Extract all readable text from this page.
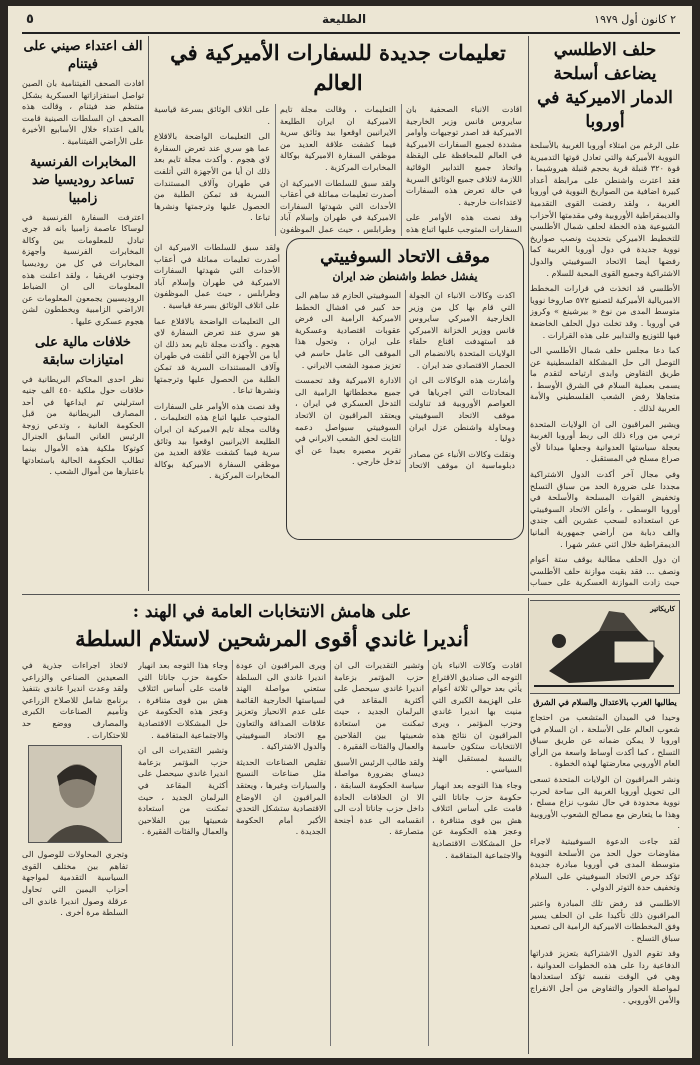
٢ كانون أول ١٩٧٩
الطليعة
٥
حلف الاطلسي يضاعف أسلحة الدمار الاميركية في أوروبا

على الرغم من امتلاء أوروبا الغربية بالأسلحة النووية الأميركية والتي تعادل قوتها التدميرية قوة ٣٢٠ قنبلة قرية بحجم قنبلة هيروشيما ، فقد اعترت واشنطن على مرابطة أعداد كبيرة اضافية من الصواريخ النووية في أوروبا الغربية ، ولقد رفضت القوى التقدمية والديمقراطية الأوروبية وفي مقدمتها الأحزاب الشيوعية هذه الخطة لحلف شمال الأطلسي للتخطيط الاميركي بتحديث ونصب صواريخ نووية جديدة في دول أوروبا الغربية كما رفضها أيضا الاتحاد السوفييتي والدول الاشتراكية وجميع القوى المحبة للسلام .

الأطلسي قد اتخذت في قرارات المخطط الامبريالية الأميركية لتصنيع ٥٧٢ صاروخا نوويا متوسط المدى من نوع « بيرشينغ » وكروز في أوروبا . وقد تخلت دول الحلف الخاضعة فيها للتوزيع والتدابير على هذه القرارات .

كما دعا مجلس حلف شمال الأطلسي الى التوصل الى حل المشكلة الفلسطينية عن طريق التفاوض وابدى ارتياحه لتقدم ما يسمى بعملية السلام في الشرق الأوسط ، متجاهلا رفض الشعب الفلسطيني والأمة العربية لذلك .

ويشير المراقبون الى ان الولايات المتحدة ترمي من وراء ذلك الى ربط أوروبا الغربية بعجلة سياستها العدوانية وجعلها ميدانا لأي صراع مسلح في المستقبل .

وفي مجال آخر أكدت الدول الاشتراكية مجددا على ضرورة الحد من سباق التسلح وتخفيض القوات المسلحة والأسلحة في أوروبا الوسطى ، وأعلن الاتحاد السوفييتي عن استعداده لسحب عشرين ألف جندي والف دبابة من أراضي جمهورية ألمانيا الديمقراطية خلال اثني عشر شهرا .

ان دول الحلف مطالبة بوقف ستة أعوام ونصف ... فقد بقيت موازنة حلف الأطلسي حيث زادت الموازنة العسكرية على حساب

تعليمات جديدة للسفارات الأميركية في العالم

اقادت الانباء الصحفية بان سايروس فانس وزير الخارجية الاميركية قد اصدر توجيهات وأوامر مشددة لجميع السفارات الاميركية في العالم للمحافظة على اليقظة واتخاذ جميع التدابير الوقائية اللازمة لاتلاف جميع الوثائق السرية في حالة تعرض هذه السفارات لاعتداءات خارجية .

وقد نصت هذه الأوامر على السفارات المتوجب عليها اتباع هذه التعليمات ، وقالت مجلة تايم الاميركية ان ايران الطليعة الايرانيين اوقعوا بيد وثائق سرية فيما كشفت علاقة العديد من موظفي السفارة الاميركية بوكالة المخابرات المركزية .

ولقد سبق للسلطات الاميركية ان أصدرت تعليمات مماثلة في أعقاب الأحداث التي شهدتها السفارات الاميركية في طهران وإسلام آباد وطرابلس ، حيث عمل الموظفون على اتلاف الوثائق بسرعة قياسية .

الى التعليمات الواضحة بالاقلاع عما هو سري عند تعرض السفارة لاي هجوم . وأكدت مجلة تايم بعد ذلك ان أيا من الأجهزة التي أتلفت في طهران وآلاف المستندات السرية قد تمكن الطلبة من الحصول عليها وترجمتها ونشرها تباعا .

موقف الاتحاد السوفييتي
يفشل خطط واشنطن ضد ايران

اكدت وكالات الانباء ان الجولة التي قام بها كل من وزير الخارجية الاميركي سايروس فانس ووزير الخزانة الاميركي قد استهدفت اقناع حلفاء الولايات المتحدة بالانضمام الى الحصار الاقتصادي ضد ايران .

وأشارت هذه الوكالات الى ان المحادثات التي اجرياها في العواصم الأوروبية قد تناولت موقف الاتحاد السوفييتي ومحاولة واشنطن عزل ايران دوليا .

ونقلت وكالات الأنباء عن مصادر دبلوماسية ان موقف الاتحاد السوفييتي الحازم قد ساهم الى حد كبير في افشال الخطط الاميركية الرامية الى فرض عقوبات اقتصادية وعسكرية على ايران ، وتحول هذا الموقف الى عامل حاسم في تعزيز صمود الشعب الايراني .

الادارة الاميركية وقد تحمست جميع مخططاتها الرامية الى التدخل العسكري في ايران ، ويعتقد المراقبون ان الاتحاد السوفييتي سيواصل دعمه الثابت لحق الشعب الايراني في تقرير مصيره بعيدا عن أي تدخل خارجي .

ولقد سبق للسلطات الاميركية ان أصدرت تعليمات مماثلة في أعقاب الأحداث التي شهدتها السفارات الاميركية في طهران وإسلام آباد وطرابلس ، حيث عمل الموظفون على اتلاف الوثائق بسرعة قياسية .

الى التعليمات الواضحة بالاقلاع عما هو سري عند تعرض السفارة لاي هجوم . وأكدت مجلة تايم بعد ذلك ان أيا من الأجهزة التي أتلفت في طهران وآلاف المستندات السرية قد تمكن الطلبة من الحصول عليها وترجمتها ونشرها تباعا .

وقد نصت هذه الأوامر على السفارات المتوجب عليها اتباع هذه التعليمات ، وقالت مجلة تايم الاميركية ان ايران الطليعة الايرانيين اوقعوا بيد وثائق سرية فيما كشفت علاقة العديد من موظفي السفارة الاميركية بوكالة المخابرات المركزية .

الف اعتداء صيني على فيتنام

افادت الصحف الفيتنامية بان الصين تواصل استفزازاتها العسكرية بشكل منتظم ضد فيتنام ، وقالت هذه الصحف ان السلطات الصينية قامت بالف اعتداء خلال الأسابيع الأخيرة على الأراضي الفيتنامية .

المخابرات الفرنسية تساعد روديسيا ضد زامبيا

اعترفت السفارة الفرنسية في لوساكا عاصمة زامبيا بانه قد جرى تبادل للمعلومات بين وكالة المخابرات الفرنسية وأجهزة المخابرات في كل من روديسيا وجنوب افريقيا ، ولقد اعلنت هذه المعلومات الى ان الضباط الروديسيين يجمعون المعلومات عن الاراضي الزامبية ويخططون لشن هجوم عسكري عليها .

خلافات مالية على امتيازات سابقة

نظر احدى المحاكم البريطانية في خلافات حول ملكية ٤٥٠ الف جنيه استرليني تم ايداعها في أحد المصارف البريطانية من قبل الحكومة الغانية ، وتدعي زوجة الرئيس الغاني السابق الجنرال كوتوكا ملكية هذه الأموال بينما تطالب الحكومة الحالية باستعادتها باعتبارها من أموال الشعب .

كاريكاتير
يطالبها الغرب بالاعتدال والسلام في الشرق

وحيدا في الميدان المتشعب من احتجاج شعوب العالم على الأسلحة ، ان السلام في اوروبا لا يمكن ضمانه عن طريق سباق التسلح ، كما أكدت أوساط واسعة من الرأي العام الأوروبي معارضتها لهذه الخطوة .

ونشر المراقبون ان الولايات المتحدة تسعى الى تحويل أوروبا الغربية الى ساحة لحرب نووية محدودة في حال نشوب نزاع مسلح ، وهذا ما يتعارض مع مصالح الشعوب الأوروبية .

لقد جاءت الدعوة السوفييتية لاجراء مفاوضات حول الحد من الأسلحة النووية متوسطة المدى في أوروبا مبادرة جديدة تؤكد حرص الاتحاد السوفييتي على السلام وتخفيف حدة التوتر الدولي .

الاطلسي قد رفض تلك المبادرة واعتبر المراقبون ذلك تأكيدا على ان الحلف يسير وفق المخططات الاميركية الرامية الى تصعيد سباق التسلح .

وقد تقوم الدول الاشتراكية بتعزيز قدراتها الدفاعية ردا على هذه الخطوات العدوانية ، وهي في الوقت نفسه تؤكد استعدادها لمواصلة الحوار والتفاوض من أجل الانفراج والأمن الأوروبي .

على هامش الانتخابات العامة في الهند :
أنديرا غاندي أقوى المرشحين لاستلام السلطة

اقادت وكالات الانباء بان التوجه الى صناديق الاقتراع يأتي بعد حوالي ثلاثة أعوام على الهزيمة الكبرى التي منيت بها انديرا غاندي وحزب المؤتمر ، ويرى المراقبون ان نتائج هذه الانتخابات ستكون حاسمة بالنسبة لمستقبل الهند السياسي .

وجاء هذا التوجه بعد انهيار حكومة حزب جاناتا التي قامت على أساس ائتلاف هش بين قوى متنافرة ، وعجز هذه الحكومة عن حل المشكلات الاقتصادية والاجتماعية المتفاقمة .

وتشير التقديرات الى ان حزب المؤتمر بزعامة انديرا غاندي سيحصل على أكثرية المقاعد في البرلمان الجديد ، حيث تمكنت من استعادة شعبيتها بين الفلاحين والعمال والفئات الفقيرة .

ولقد طالب الرئيس الأسبق ديساي بضرورة مواصلة سياسة الحكومة السابقة ، الا ان الخلافات الحادة داخل حزب جاناتا أدت الى انقسامه الى عدة أجنحة متصارعة .

ويرى المراقبون ان عودة انديرا غاندي الى السلطة ستعني مواصلة الهند لسياستها الخارجية القائمة على عدم الانحياز وتعزيز علاقات الصداقة والتعاون مع الاتحاد السوفييتي والدول الاشتراكية .

تقليص الصناعات الحديثة مثل صناعات النسيج والسيارات وغيرها ، ويعتقد المراقبون ان الاوضاع الاقتصادية ستشكل التحدي الأكبر أمام الحكومة الجديدة .

وجاء هذا التوجه بعد انهيار حكومة حزب جاناتا التي قامت على أساس ائتلاف هش بين قوى متنافرة ، وعجز هذه الحكومة عن حل المشكلات الاقتصادية والاجتماعية المتفاقمة .

وتشير التقديرات الى ان حزب المؤتمر بزعامة انديرا غاندي سيحصل على أكثرية المقاعد في البرلمان الجديد ، حيث تمكنت من استعادة شعبيتها بين الفلاحين والعمال والفئات الفقيرة .

لاتخاذ اجراءات جذرية في الصعيدين الصناعي والزراعي ولقد وعدت انديرا غاندي بتنفيذ برنامج شامل للاصلاح الزراعي وتأميم الصناعات الكبرى والمصارف ووضع حد للاحتكارات .

وتجري المحاولات للوصول الى تفاهم بين مختلف القوى السياسية التقدمية لمواجهة أحزاب اليمين التي تحاول عرقلة وصول انديرا غاندي الى السلطة مرة أخرى .
